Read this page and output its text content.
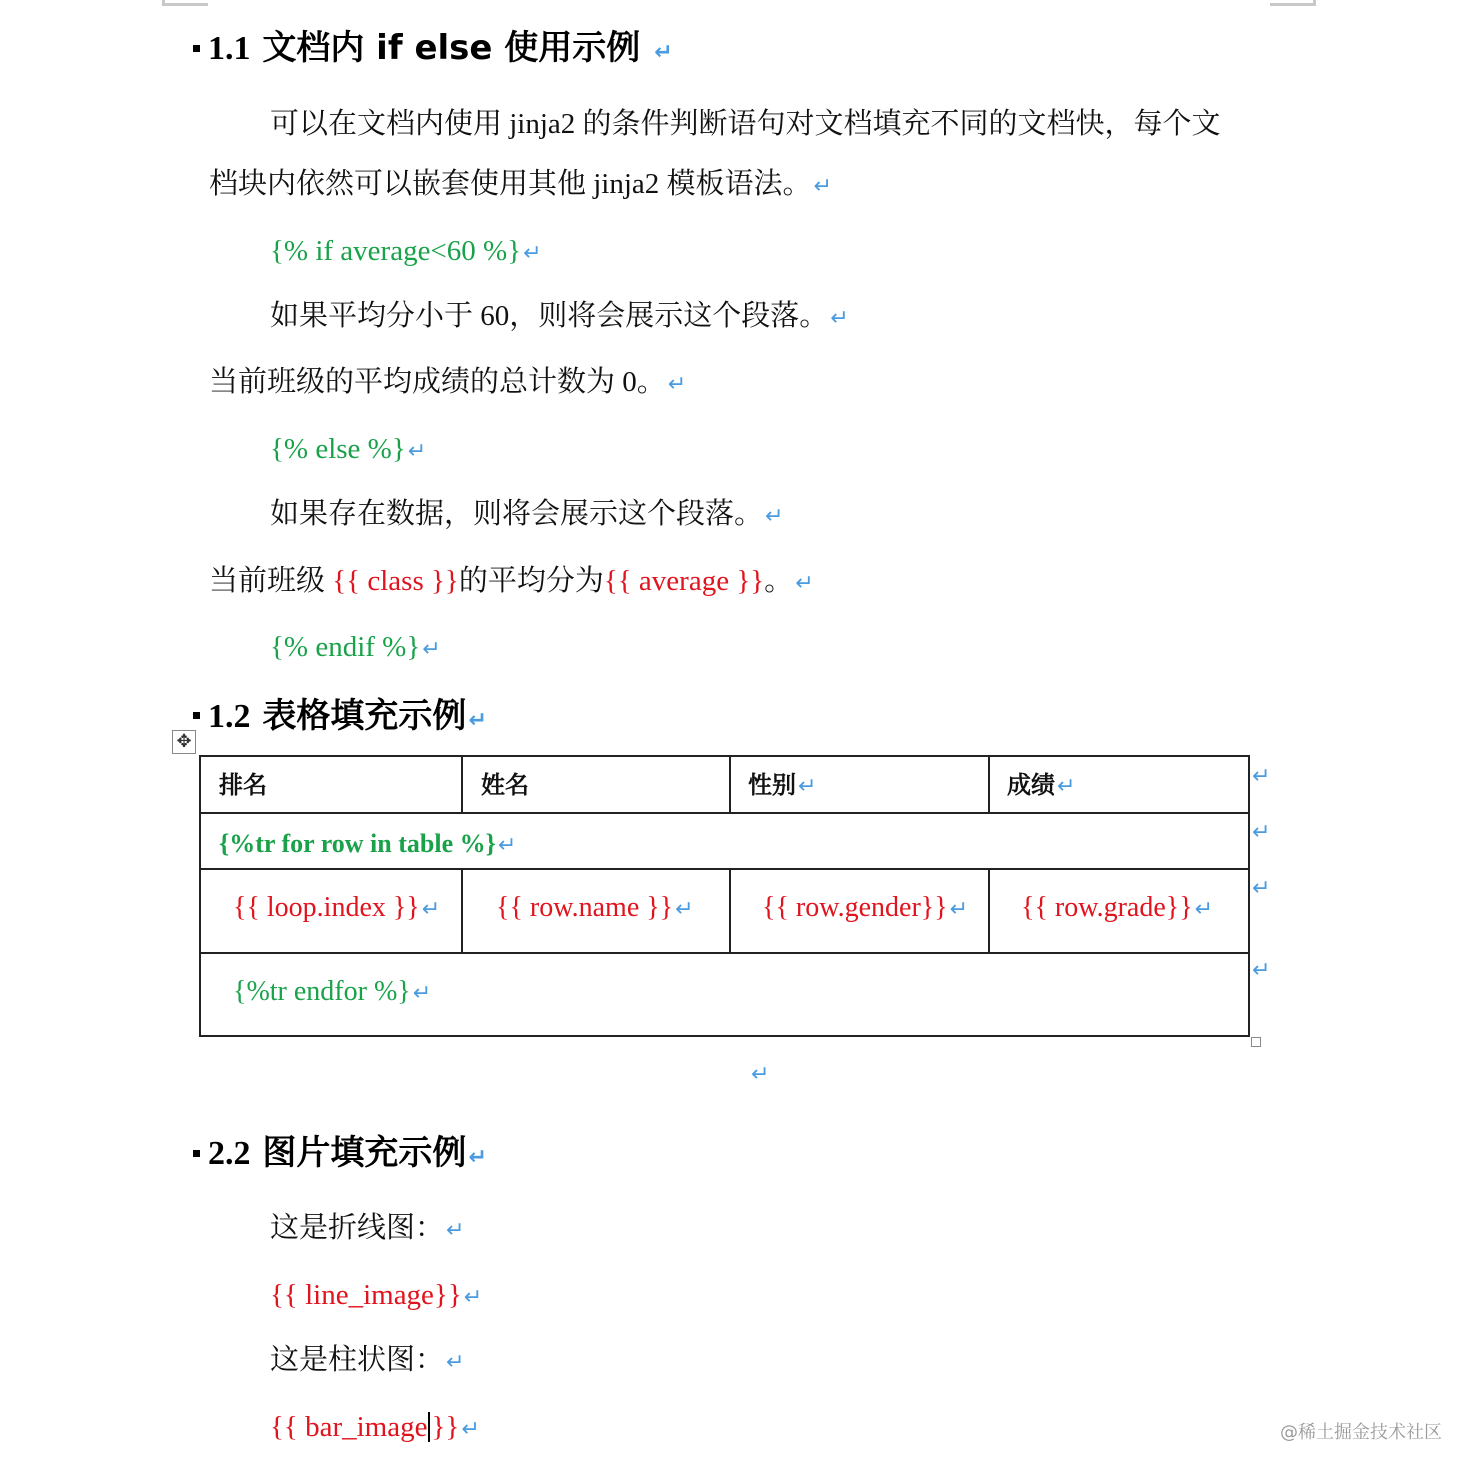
1.1 文档内 if else 使用示例 ↵
可以在文档内使用 jinja2 的条件判断语句对文档填充不同的文档快，每个文
档块内依然可以嵌套使用其他 jinja2 模板语法。↵
{% if average<60 %}↵
如果平均分小于 60，则将会展示这个段落。↵
当前班级的平均成绩的总计数为 0。↵
{% else %}↵
如果存在数据，则将会展示这个段落。↵
当前班级 {{ class }}的平均分为{{ average }}。↵
{% endif %}↵
1.2 表格填充示例↵
✥
排名	姓名	性别↵	成绩↵
{%tr for row in table %}↵
{{ loop.index }}↵ {{ row.name }}↵ {{ row.gender}}↵ {{ row.grade}}↵
{%tr endfor %}↵
↵
↵
↵
↵
↵
2.2 图片填充示例↵
这是折线图：↵
{{ line_image}}↵
这是柱状图：↵
{{ bar_image }}↵	@稀土掘金技术社区
